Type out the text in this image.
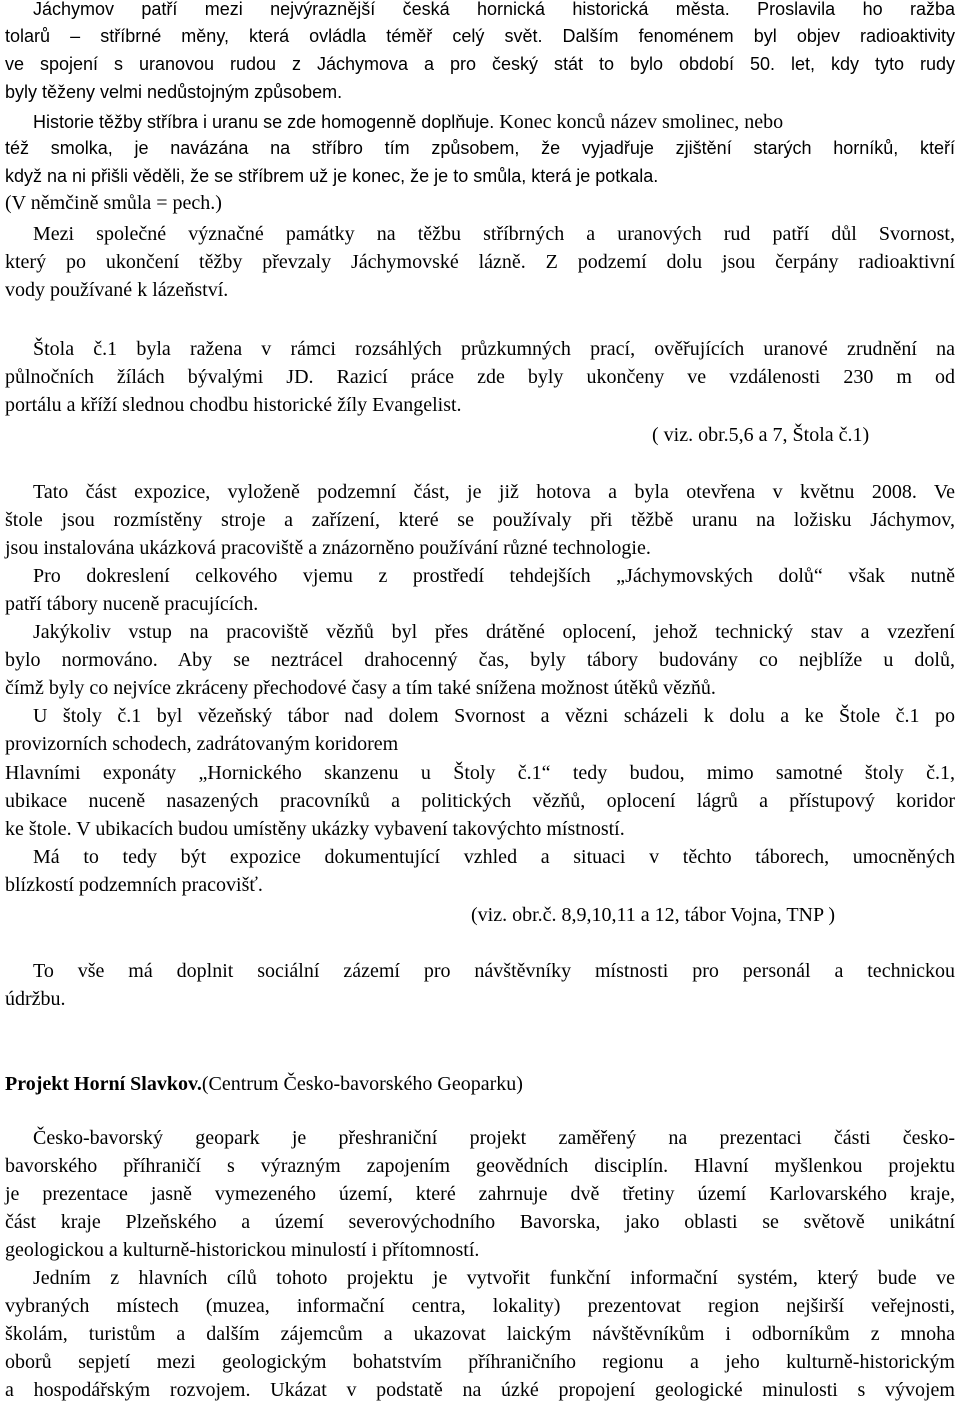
Jáchymov patří mezi nejvýraznější česká hornická historická města. Proslavila ho ražba

tolarů – stříbrné měny, která ovládla téměř celý svět. Dalším fenoménem byl objev radioaktivity

ve spojení s uranovou rudou z Jáchymova a pro český stát to bylo období 50. let, kdy tyto rudy

byly těženy velmi nedůstojným způsobem.

Historie těžby stříbra i uranu se zde homogenně doplňuje. Konec konců název smolinec, nebo

též smolka, je navázána na stříbro tím způsobem, že vyjadřuje zjištění starých horníků, kteří

když na ni přišli věděli, že se stříbrem už je konec, že je to smůla, která je potkala.

(V němčině smůla = pech.)

Mezi společné význačné památky na těžbu stříbrných a uranových rud patří důl Svornost,

který po ukončení těžby převzaly Jáchymovské lázně. Z podzemí dolu jsou čerpány radioaktivní

vody používané k lázeňství.

Štola č.1 byla ražena v rámci rozsáhlých průzkumných prací, ověřujících uranové zrudnění na

půlnočních žílách bývalými JD. Razicí práce zde byly ukončeny ve vzdálenosti 230 m od

portálu a kříží slednou chodbu historické žíly Evangelist.

( viz. obr.5,6 a 7, Štola č.1)

Tato část expozice, vyloženě podzemní část, je již hotova a byla otevřena v květnu 2008. Ve

štole jsou rozmístěny stroje a zařízení, které se používaly při těžbě uranu na ložisku Jáchymov,

jsou instalována ukázková pracoviště a znázorněno používání různé technologie.

Pro dokreslení celkového vjemu z prostředí tehdejších „Jáchymovských dolů“ však nutně

patří tábory nuceně pracujících.

Jakýkoliv vstup na pracoviště vězňů byl přes drátěné oplocení, jehož technický stav a vzezření

bylo normováno. Aby se neztrácel drahocenný čas, byly tábory budovány co nejblíže u dolů,

čímž byly co nejvíce zkráceny přechodové časy a tím také snížena možnost útěků vězňů.

U štoly č.1 byl vězeňský tábor nad dolem Svornost a vězni scházeli k dolu a ke Štole č.1 po

provizorních schodech, zadrátovaným koridorem

Hlavními exponáty „Hornického skanzenu u Štoly č.1“ tedy budou, mimo samotné štoly č.1,

ubikace nuceně nasazených pracovníků a politických vězňů, oplocení lágrů a přístupový koridor

ke štole. V ubikacích budou umístěny ukázky vybavení takovýchto místností.

Má to tedy být expozice dokumentující vzhled a situaci v těchto táborech, umocněných

blízkostí podzemních pracovišť.

(viz. obr.č. 8,9,10,11 a 12, tábor Vojna, TNP )

To vše má doplnit sociální zázemí pro návštěvníky místnosti pro personál a technickou

údržbu.

Projekt Horní Slavkov.(Centrum Česko-bavorského Geoparku)

Česko-bavorský geopark je přeshraniční projekt zaměřený na prezentaci části česko-

bavorského příhraničí s výrazným zapojením geovědních disciplín. Hlavní myšlenkou projektu

je prezentace jasně vymezeného území, které zahrnuje dvě třetiny území Karlovarského kraje,

část kraje Plzeňského a území severovýchodního Bavorska, jako oblasti se světově unikátní

geologickou a kulturně-historickou minulostí i přítomností.

Jedním z hlavních cílů tohoto projektu je vytvořit funkční informační systém, který bude ve

vybraných místech (muzea, informační centra, lokality) prezentovat region nejširší veřejnosti,

školám, turistům a dalším zájemcům a ukazovat laickým návštěvníkům i odborníkům z mnoha

oborů sepjetí mezi geologickým bohatstvím příhraničního regionu a jeho kulturně-historickým

a hospodářským rozvojem. Ukázat v podstatě na úzké propojení geologické minulosti s vývojem
